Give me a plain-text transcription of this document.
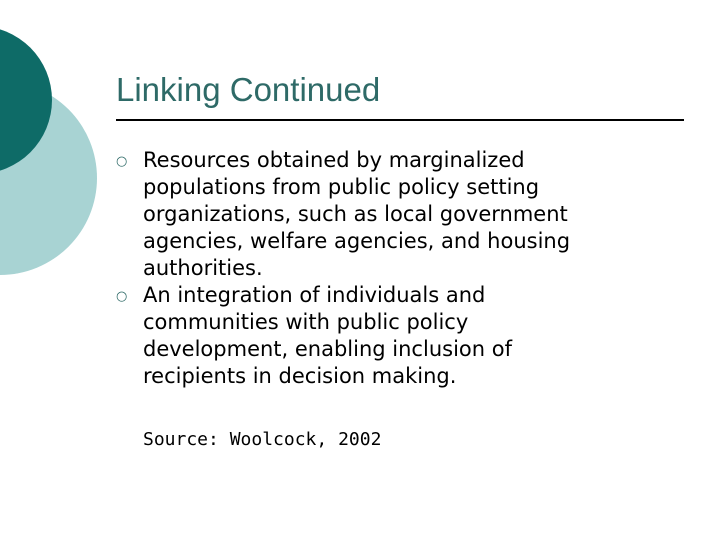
Linking Continued
○ Resources obtained by marginalized
populations from public policy setting
organizations, such as local government
agencies, welfare agencies, and housing
authorities.
○ An integration of individuals and
communities with public policy
development, enabling inclusion of
recipients in decision making.
Source: Woolcock, 2002
